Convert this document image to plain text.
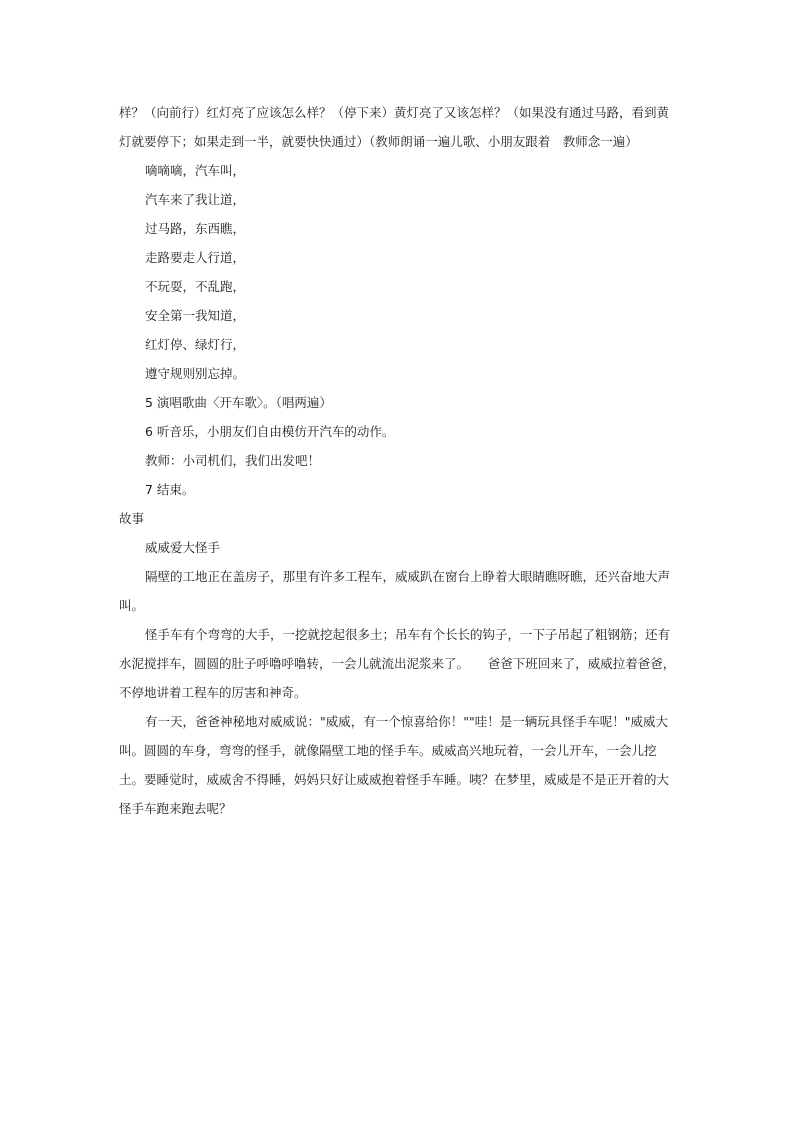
样？（向前行）红灯亮了应该怎么样？（停下来）黄灯亮了又该怎样？（如果没有通过马路，看到黄灯就要停下；如果走到一半，就要快快通过）（教师朗诵一遍儿歌、小朋友跟着　教师念一遍）

嘀嘀嘀，汽车叫，

汽车来了我让道，

过马路，东西瞧，

走路要走人行道，

不玩耍，不乱跑，

安全第一我知道，

红灯停、绿灯行，

遵守规则别忘掉。

5 演唱歌曲〈开车歌〉。（唱两遍）

6 听音乐，小朋友们自由模仿开汽车的动作。

教师：小司机们，我们出发吧！

7 结束。

故事

威威爱大怪手

隔壁的工地正在盖房子，那里有许多工程车，威威趴在窗台上睁着大眼睛瞧呀瞧，还兴奋地大声叫。

怪手车有个弯弯的大手，一挖就挖起很多土；吊车有个长长的钩子，一下子吊起了粗钢筋；还有水泥搅拌车，圆圆的肚子呼噜呼噜转，一会儿就流出泥浆来了。　　爸爸下班回来了，威威拉着爸爸，不停地讲着工程车的厉害和神奇。

有一天，爸爸神秘地对威威说："威威，有一个惊喜给你！""哇！是一辆玩具怪手车呢！"威威大叫。圆圆的车身，弯弯的怪手，就像隔壁工地的怪手车。威威高兴地玩着，一会儿开车，一会儿挖土。要睡觉时，威威舍不得睡，妈妈只好让威威抱着怪手车睡。咦？在梦里，威威是不是正开着的大怪手车跑来跑去呢？
